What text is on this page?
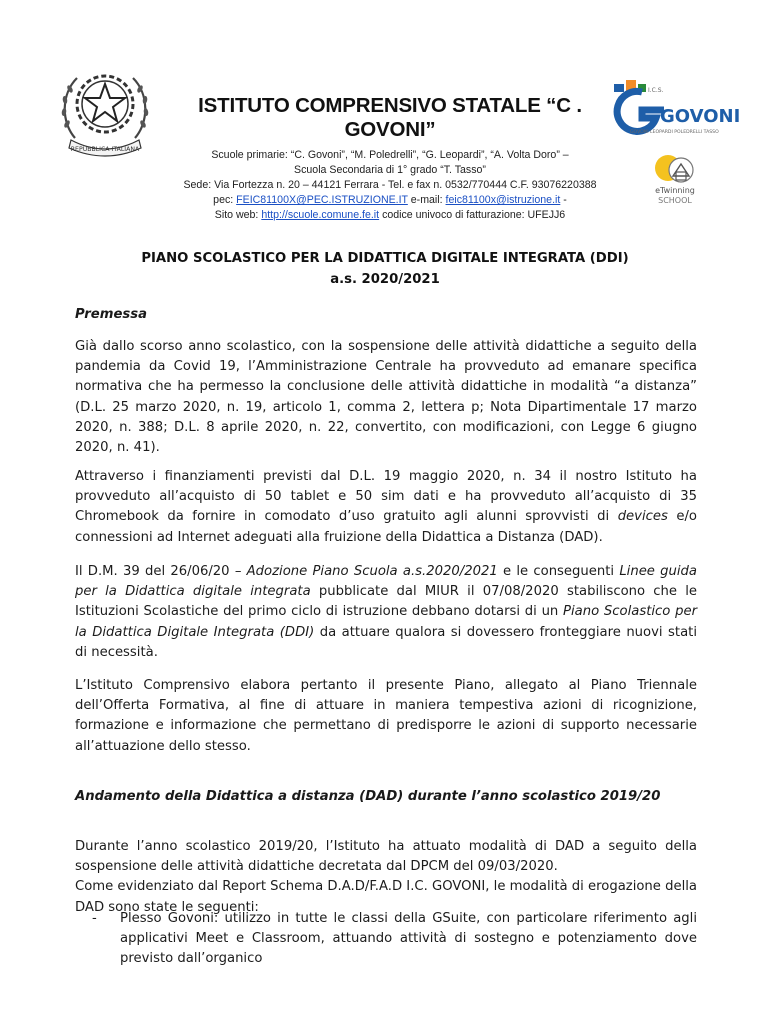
REPUBBLICA ITALIANA
ISTITUTO COMPRENSIVO STATALE “C . GOVONI”
Scuole primarie: “C. Govoni”, “M. Poledrelli”, “G. Leopardi”, “A. Volta Doro” –
Scuola Secondaria di 1° grado “T. Tasso”
Sede: Via Fortezza n. 20 – 44121 Ferrara - Tel. e fax n. 0532/770444 C.F. 93076220388
pec: FEIC81100X@PEC.ISTRUZIONE.IT e-mail: feic81100x@istruzione.it -
Sito web: http://scuole.comune.fe.it codice univoco di fatturazione: UFEJJ6
I.C.S.
GOVONI
GOVONI LEOPARDI POLEDRELLI TASSO
eTwinning
SCHOOL
PIANO SCOLASTICO PER LA DIDATTICA DIGITALE INTEGRATA (DDI)
a.s. 2020/2021
Premessa
Già dallo scorso anno scolastico, con la sospensione delle attività didattiche a seguito della pandemia da Covid 19, l’Amministrazione Centrale ha provveduto ad emanare specifica normativa che ha permesso la conclusione delle attività didattiche in modalità “a distanza” (D.L. 25 marzo 2020, n. 19, articolo 1, comma 2, lettera p; Nota Dipartimentale 17 marzo 2020, n. 388; D.L. 8 aprile 2020, n. 22, convertito, con modificazioni, con Legge 6 giugno 2020, n. 41).
Attraverso i finanziamenti previsti dal D.L. 19 maggio 2020, n. 34 il nostro Istituto ha provveduto all’acquisto di 50 tablet e 50 sim dati e ha provveduto all’acquisto di 35 Chromebook da fornire in comodato d’uso gratuito agli alunni sprovvisti di devices e/o connessioni ad Internet adeguati alla fruizione della Didattica a Distanza (DAD).
Il D.M. 39 del 26/06/20 – Adozione Piano Scuola a.s.2020/2021 e le conseguenti Linee guida per la Didattica digitale integrata pubblicate dal MIUR il 07/08/2020 stabiliscono che le Istituzioni Scolastiche del primo ciclo di istruzione debbano dotarsi di un Piano Scolastico per la Didattica Digitale Integrata (DDI) da attuare qualora si dovessero fronteggiare nuovi stati di necessità.
L’Istituto Comprensivo elabora pertanto il presente Piano, allegato al Piano Triennale dell’Offerta Formativa, al fine di attuare in maniera tempestiva azioni di ricognizione, formazione e informazione che permettano di predisporre le azioni di supporto necessarie all’attuazione dello stesso.
Andamento della Didattica a distanza (DAD) durante l’anno scolastico 2019/20
Durante l’anno scolastico 2019/20, l’Istituto ha attuato modalità di DAD a seguito della sospensione delle attività didattiche decretata dal DPCM del 09/03/2020.
Come evidenziato dal Report Schema D.A.D/F.A.D I.C. GOVONI, le modalità di erogazione della DAD sono state le seguenti:
-	Plesso Govoni: utilizzo in tutte le classi della GSuite, con particolare riferimento agli applicativi Meet e Classroom, attuando attività di sostegno e potenziamento dove previsto dall’organico
